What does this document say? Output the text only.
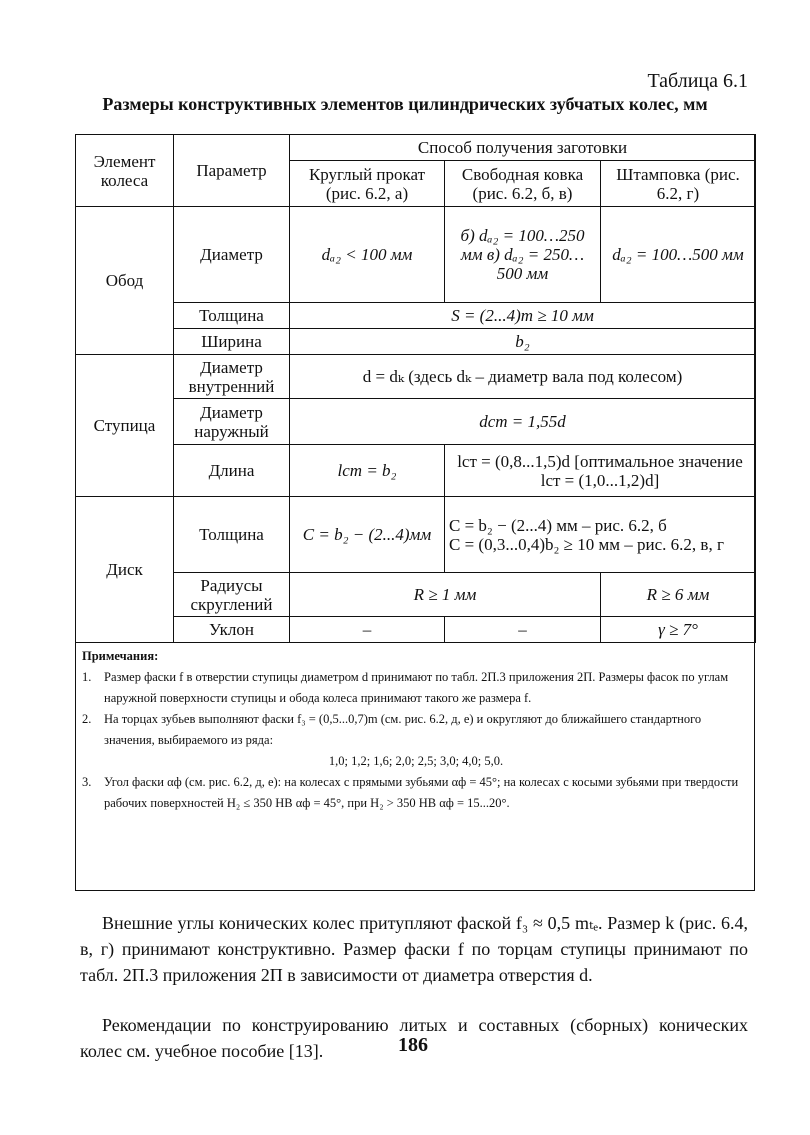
Таблица 6.1
Размеры конструктивных элементов цилиндрических зубчатых колес, мм
Элемент колеса	Параметр	Способ получения заготовки		
		Круглый прокат (рис. 6.2, а)	Свободная ковка (рис. 6.2, б, в)	Штамповка (рис. 6.2, г)
Обод	Диаметр	dₐ₂ < 100 мм	б) dₐ₂ = 100…250 мм в) dₐ₂ = 250…500 мм	dₐ₂ = 100…500 мм
	Толщина	S = (2...4)m ≥ 10 мм		
	Ширина	b₂		
Ступица	Диаметр внутренний	d = dₖ (здесь dₖ – диаметр вала под колесом)		
	Диаметр наружный	dст = 1,55d		
	Длина	lст = b₂	lст = (0,8...1,5)d [оптимальное значение lст = (1,0...1,2)d]	
Диск	Толщина	C = b₂ − (2...4)мм	C = b₂ − (2...4) мм – рис. 6.2, б
C = (0,3...0,4)b₂ ≥ 10 мм – рис. 6.2, в, г	

	Радиусы скруглений	R ≥ 1 мм		R ≥ 6 мм
	Уклон	–	–	γ ≥ 7°
Примечания:
1.	Размер фаски f в отверстии ступицы диаметром d принимают по табл. 2П.3 приложения 2П. Размеры фасок по углам наружной поверхности ступицы и обода колеса принимают такого же размера f.
2.	На торцах зубьев выполняют фаски f₃ = (0,5...0,7)m (см. рис. 6.2, д, е) и округляют до ближайшего стандартного значения, выбираемого из ряда:
1,0; 1,2; 1,6; 2,0; 2,5; 3,0; 4,0; 5,0.
3.	Угол фаски αф (см. рис. 6.2, д, е): на колесах с прямыми зубьями αф = 45°; на колесах с косыми зубьями при твердости рабочих поверхностей H₂ ≤ 350 HB αф = 45°, при H₂ > 350 HB αф = 15...20°.
Внешние углы конических колес притупляют фаской f₃ ≈ 0,5 mₜₑ. Размер k (рис. 6.4, в, г) принимают конструктивно. Размер фаски f по торцам ступицы принимают по табл. 2П.3 приложения 2П в зависимости от диаметра отверстия d.
Рекомендации по конструированию литых и составных (сборных) конических колес см. учебное пособие [13].	186
